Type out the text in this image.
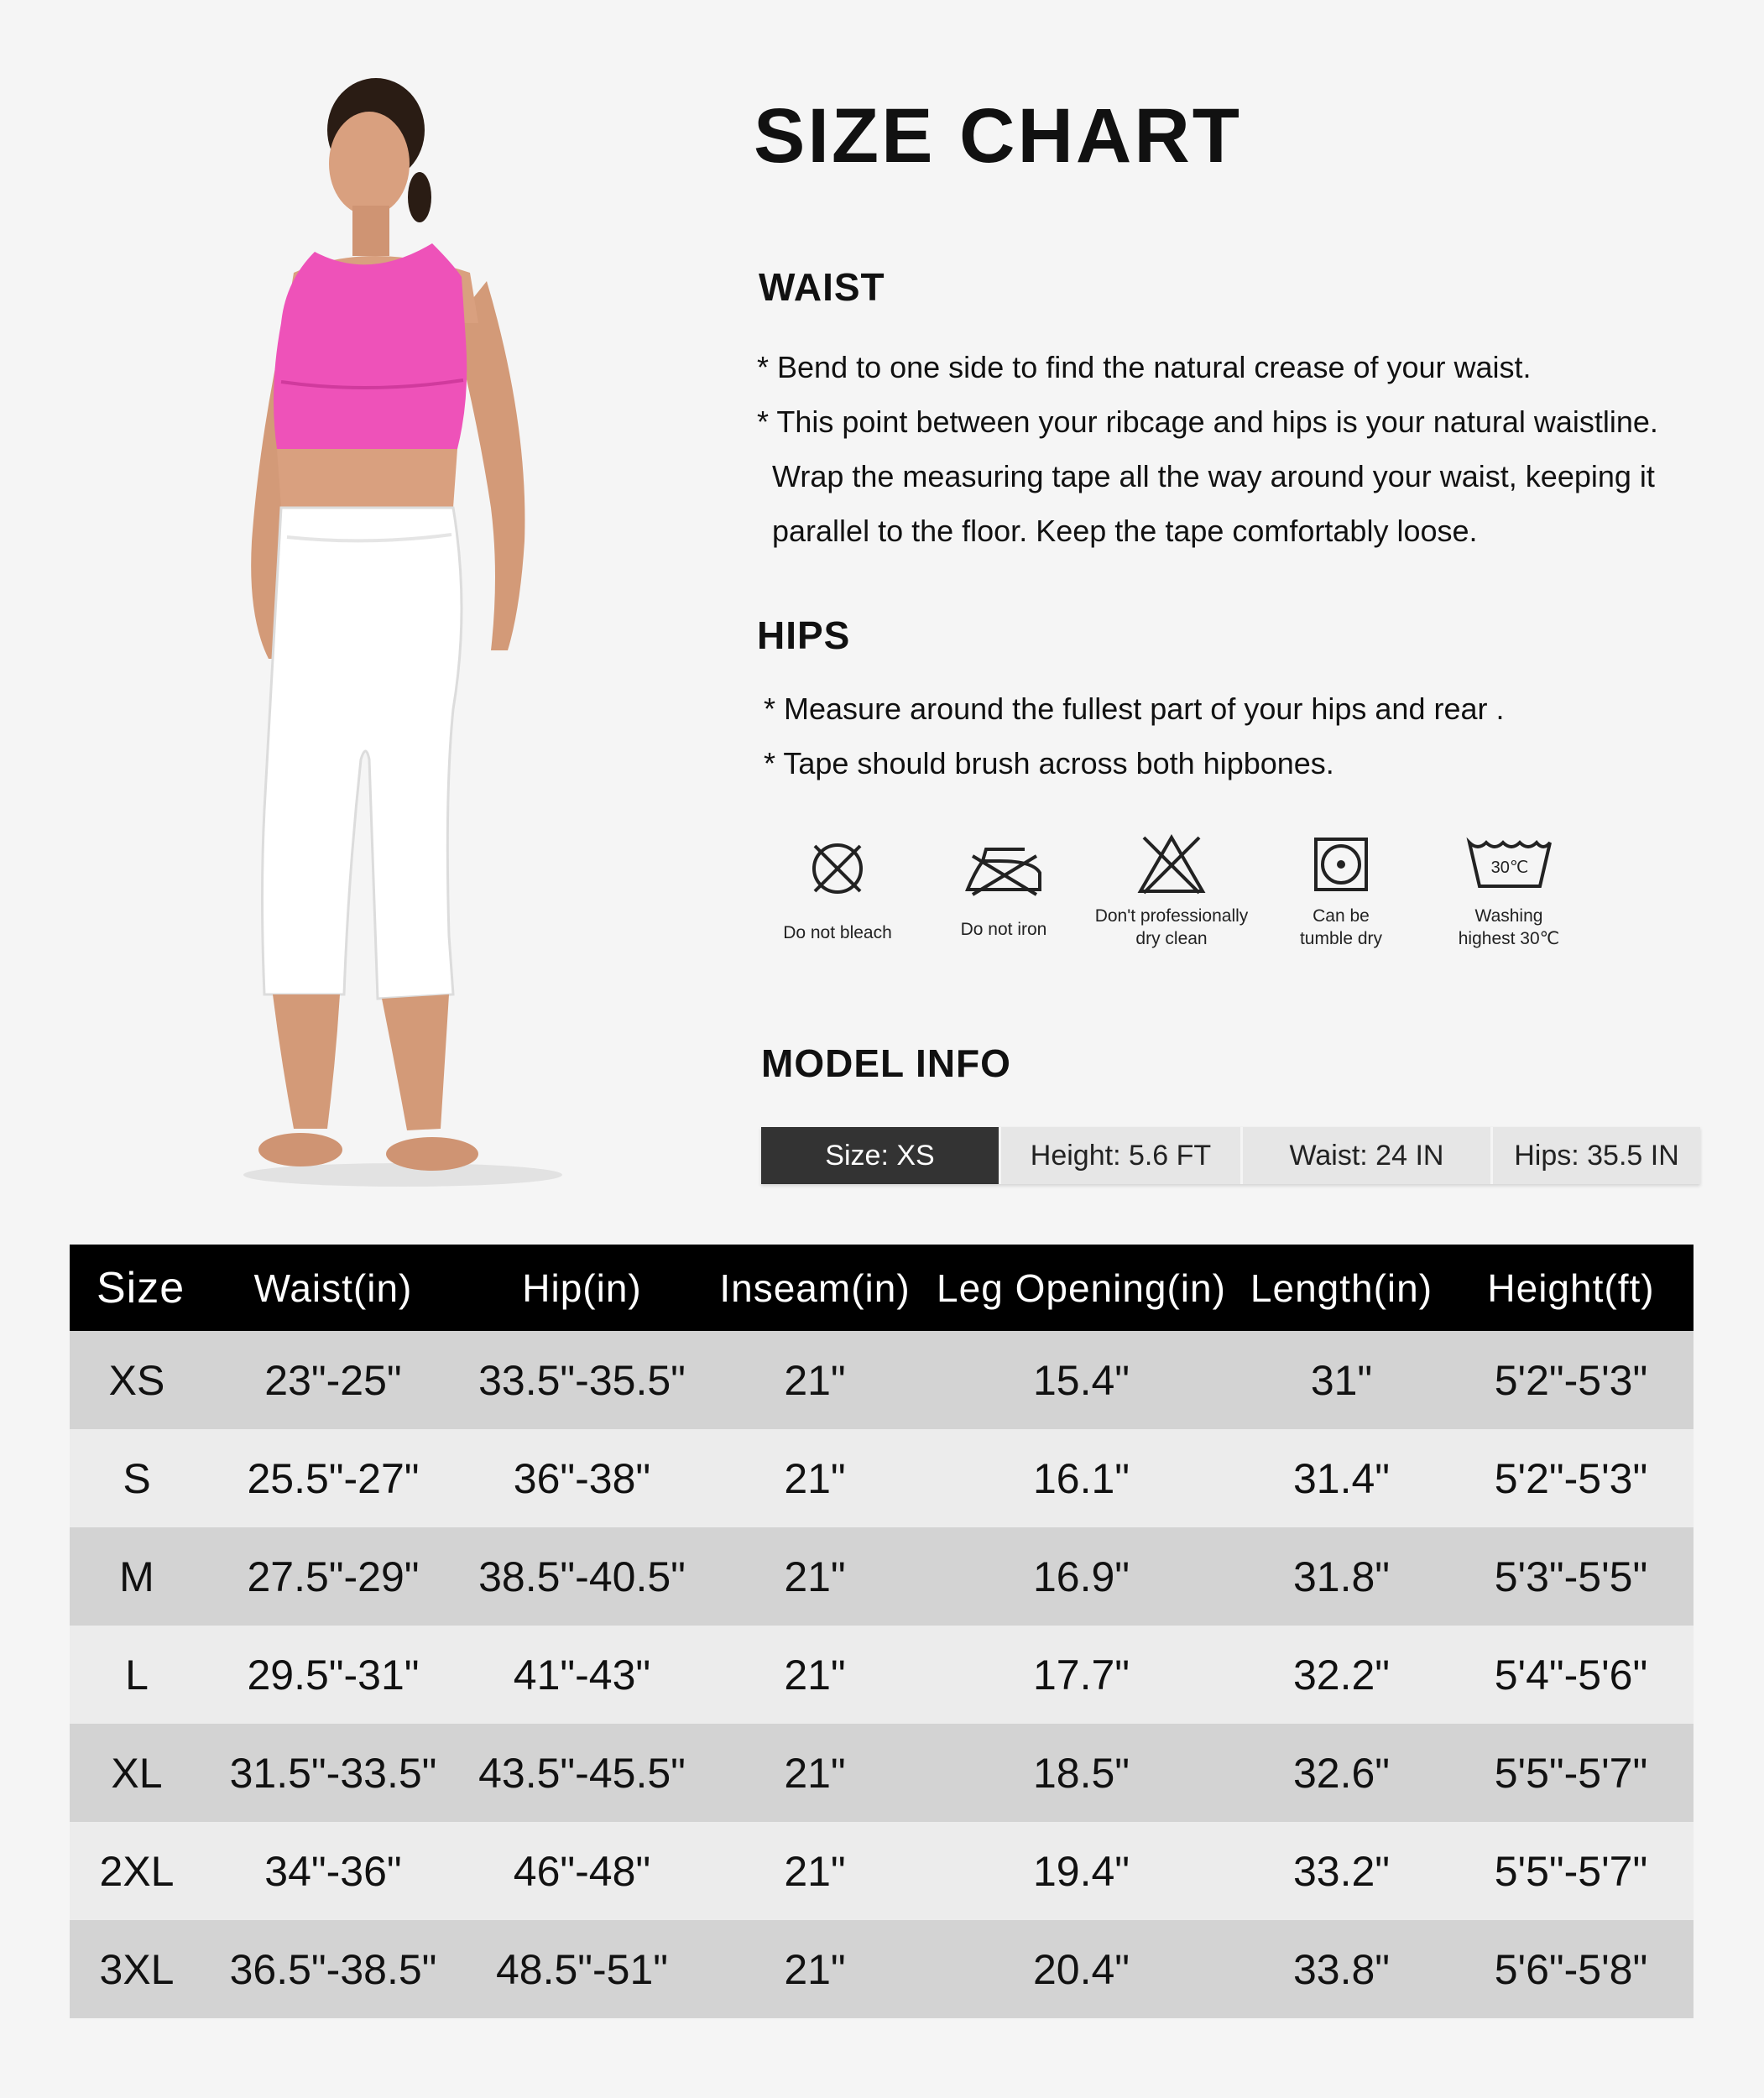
SIZE CHART
WAIST
* Bend to one side to find the natural crease of your waist.
* This point between your ribcage and hips is your natural waistline.
Wrap the measuring tape all the way around your waist, keeping it
parallel to the floor. Keep the tape comfortably loose.
HIPS
* Measure around the fullest part of your hips and rear .
* Tape should brush across both hipbones.
Do not bleach	Do not iron
Don't professionally
dry clean
Can be
tumble dry
30℃
Washing
highest 30℃
MODEL INFO
Size: XS	Height: 5.6 FT	Waist: 24 IN	Hips: 35.5 IN
Size	Waist(in)	Hip(in)	Inseam(in)	Leg Opening(in)	Length(in)	Height(ft)
XS	23"-25"	33.5"-35.5"	21"	15.4"	31"	5'2"-5'3"
S	25.5"-27"	36"-38"	21"	16.1"	31.4"	5'2"-5'3"
M	27.5"-29"	38.5"-40.5"	21"	16.9"	31.8"	5'3"-5'5"
L	29.5"-31"	41"-43"	21"	17.7"	32.2"	5'4"-5'6"
XL	31.5"-33.5"	43.5"-45.5"	21"	18.5"	32.6"	5'5"-5'7"
2XL	34"-36"	46"-48"	21"	19.4"	33.2"	5'5"-5'7"
3XL	36.5"-38.5"	48.5"-51"	21"	20.4"	33.8"	5'6"-5'8"
